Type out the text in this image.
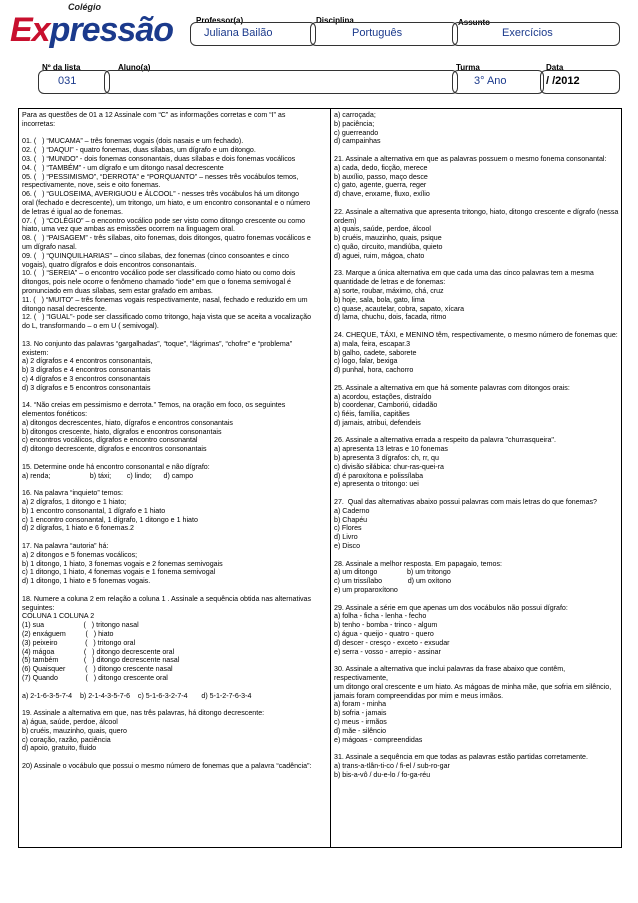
Colégio
Expressão	Professor(a)
Juliana Bailão
Disciplina
Português
Assunto
Exercícios
Nº da lista
031
Aluno(a)	Turma
3° Ano
Data
/ /2012
Para as questões de 01 a 12 Assinale com “C” as informações corretas e com “I” as
incorretas:
01. (   ) “MUCAMA” – três fonemas vogais (dois nasais e um fechado).
02. (   ) “DAQUI” - quatro fonemas, duas sílabas, um dígrafo e um ditongo.
03. (   ) “MUNDO” - dois fonemas consonantais, duas sílabas e dois fonemas vocálicos
04. (   ) “TAMBÉM” - um dígrafo e um ditongo nasal decrescente
05. (   ) “PESSIMISMO”, “DERROTA” e “PORQUANTO” – nesses três vocábulos temos,
respectivamente, nove, seis e oito fonemas.
06. (   ) “GULOSEIMA, AVERIGUOU e ÁLCOOL” - nesses três vocábulos há um ditongo
oral (fechado e decrescente), um tritongo, um hiato, e um encontro consonantal e o número
de letras é igual ao de fonemas.
07. (   ) “COLÉGIO” – o encontro vocálico pode ser visto como ditongo crescente ou como
hiato, uma vez que ambas as emissões ocorrem na linguagem oral.
08. (   ) “PAISAGEM” - três sílabas, oito fonemas, dois ditongos, quatro fonemas vocálicos e
um dígrafo nasal.
09. (   ) “QUINQUILHARIAS” – cinco sílabas, dez fonemas (cinco consoantes e cinco
vogais), quatro dígrafos e dois encontros consonantais.
10. (   ) “SEREIA” – o encontro vocálico pode ser classificado como hiato ou como dois
ditongos, pois nele ocorre o fenômeno chamado “iode” em que o fonema semivogal é
pronunciado em duas sílabas, sem estar grafado em ambas.
11. (   ) “MUITO” – três fonemas vogais respectivamente, nasal, fechado e reduzido em um
ditongo nasal decrescente.
12. (   ) “IGUAL”- pode ser classificado como tritongo, haja vista que se aceita a vocalização
do L, transformando – o em U ( semivogal).
13. No conjunto das palavras “gargalhadas”, “toque”, “lágrimas”, “chofre” e “problema”
existem:
a) 2 dígrafos e 4 encontros consonantais,
b) 3 dígrafos e 4 encontros consonantais
c) 4 dígrafos e 3 encontros consonantais
d) 3 dígrafos e 5 encontros consonantais
14. “Não creias em pessimismo e derrota.” Temos, na oração em foco, os seguintes
elementos fonéticos:
a) ditongos decrescentes, hiato, dígrafos e encontros consonantais
b) ditongos crescente, hiato, dígrafos e encontros consonantais
c) encontros vocálicos, dígrafos e encontro consonantal
d) ditongo decrescente, dígrafos e encontros consonantais
15. Determine onde há encontro consonantal e não dígrafo:
a) renda;                    b) táxi;        c) lindo;      d) campo
16. Na palavra “inquieto” temos:
a) 2 dígrafos, 1 ditongo e 1 hiato;
b) 1 encontro consonantal, 1 dígrafo e 1 hiato
c) 1 encontro consonantal, 1 dígrafo, 1 ditongo e 1 hiato
d) 2 dígrafos, 1 hiato e 6 fonemas.2
17. Na palavra “autoria” há:
a) 2 ditongos e 5 fonemas vocálicos;
b) 1 ditongo, 1 hiato, 3 fonemas vogais e 2 fonemas semivogais
c) 1 ditongo, 1 hiato, 4 fonemas vogais e 1 fonema semivogal
d) 1 ditongo, 1 hiato e 5 fonemas vogais.
18. Numere a coluna 2 em relação a coluna 1 . Assinale a sequência obtida nas alternativas
seguintes:
COLUNA 1 COLUNA 2
(1) sua                    (   ) tritongo nasal
(2) enxáguem          (   ) hiato
(3) peixeiro              (   ) tritongo oral
(4) mágoa               (   ) ditongo decrescente oral
(5) também             (   ) ditongo decrescente nasal
(6) Quaisquer          (   ) ditongo crescente nasal
(7) Quando              (   ) ditongo crescente oral
a) 2-1-6-3-5-7-4    b) 2-1-4-3-5-7-6    c) 5-1-6-3-2-7-4       d) 5-1-2-7-6-3-4
19. Assinale a alternativa em que, nas três palavras, há ditongo decrescente:
a) água, saúde, perdoe, álcool
b) cruéis, mauzinho, quais, quero
c) coração, razão, paciência
d) apoio, gratuito, fluido
20) Assinale o vocábulo que possui o mesmo número de fonemas que a palavra “cadência”:
a) carroçada;
b) paciência;
c) guerreando
d) campainhas
21. Assinale a alternativa em que as palavras possuem o mesmo fonema consonantal:
a) cada, dedo, ficção, merece
b) auxílio, passo, maço desce
c) gato, agente, guerra, reger
d) chave, enxame, fluxo, exílio
22. Assinale a alternativa que apresenta tritongo, hiato, ditongo crescente e dígrafo (nessa
ordem)
a) quais, saúde, perdoe, álcool
b) cruéis, mauzinho, quais, psique
c) quão, circuito, mandiúba, quieto
d) aguei, ruim, mágoa, chato
23. Marque a única alternativa em que cada uma das cinco palavras tem a mesma
quantidade de letras e de fonemas:
a) sorte, roubar, máximo, chá, cruz
b) hoje, sala, bola, gato, lima
c) quase, acautelar, cobra, sapato, xícara
d) lama, chuchu, dois, facada, ritmo
24. CHEQUE, TÁXI, e MENINO têm, respectivamente, o mesmo número de fonemas que:
a) mala, feira, escapar.3
b) galho, cadete, saborete
c) logo, falar, bexiga
d) punhal, hora, cachorro
25. Assinale a alternativa em que há somente palavras com ditongos orais:
a) acordou, estações, distraído
b) coordenar, Camboriú, cidadão
c) fiéis, família, capitães
d) jamais, atribui, defendeis
26. Assinale a alternativa errada a respeito da palavra "churrasqueira".
a) apresenta 13 letras e 10 fonemas
b) apresenta 3 dígrafos: ch, rr, qu
c) divisão silábica: chur-ras-quei-ra
d) é paroxítona e polissílaba
e) apresenta o tritongo: uei
27.  Qual das alternativas abaixo possui palavras com mais letras do que fonemas?
a) Caderno
b) Chapéu
c) Flores
d) Livro
e) Disco
28. Assinale a melhor resposta. Em papagaio, temos:
a) um ditongo               b) um tritongo
c) um trissílabo             d) um oxítono
e) um proparoxítono
29. Assinale a série em que apenas um dos vocábulos não possui dígrafo:
a) folha - ficha - lenha - fecho
b) tenho - bomba - trinco - algum
c) água - queijo - quatro - quero
d) descer - cresço - exceto - exsudar
e) serra - vosso - arrepio - assinar
30. Assinale a alternativa que inclui palavras da frase abaixo que contêm, respectivamente,
um ditongo oral crescente e um hiato. As mágoas de minha mãe, que sofria em silêncio,
jamais foram compreendidas por mim e meus irmãos.
a) foram - minha
b) sofria - jamais
c) meus - irmãos
d) mãe - silêncio
e) mágoas - compreendidas
31. Assinale a sequência em que todas as palavras estão partidas corretamente.
a) trans-a-tlân-ti-co / fi-el / sub-ro-gar
b) bis-a-vô / du-e-lo / fo-ga-réu
